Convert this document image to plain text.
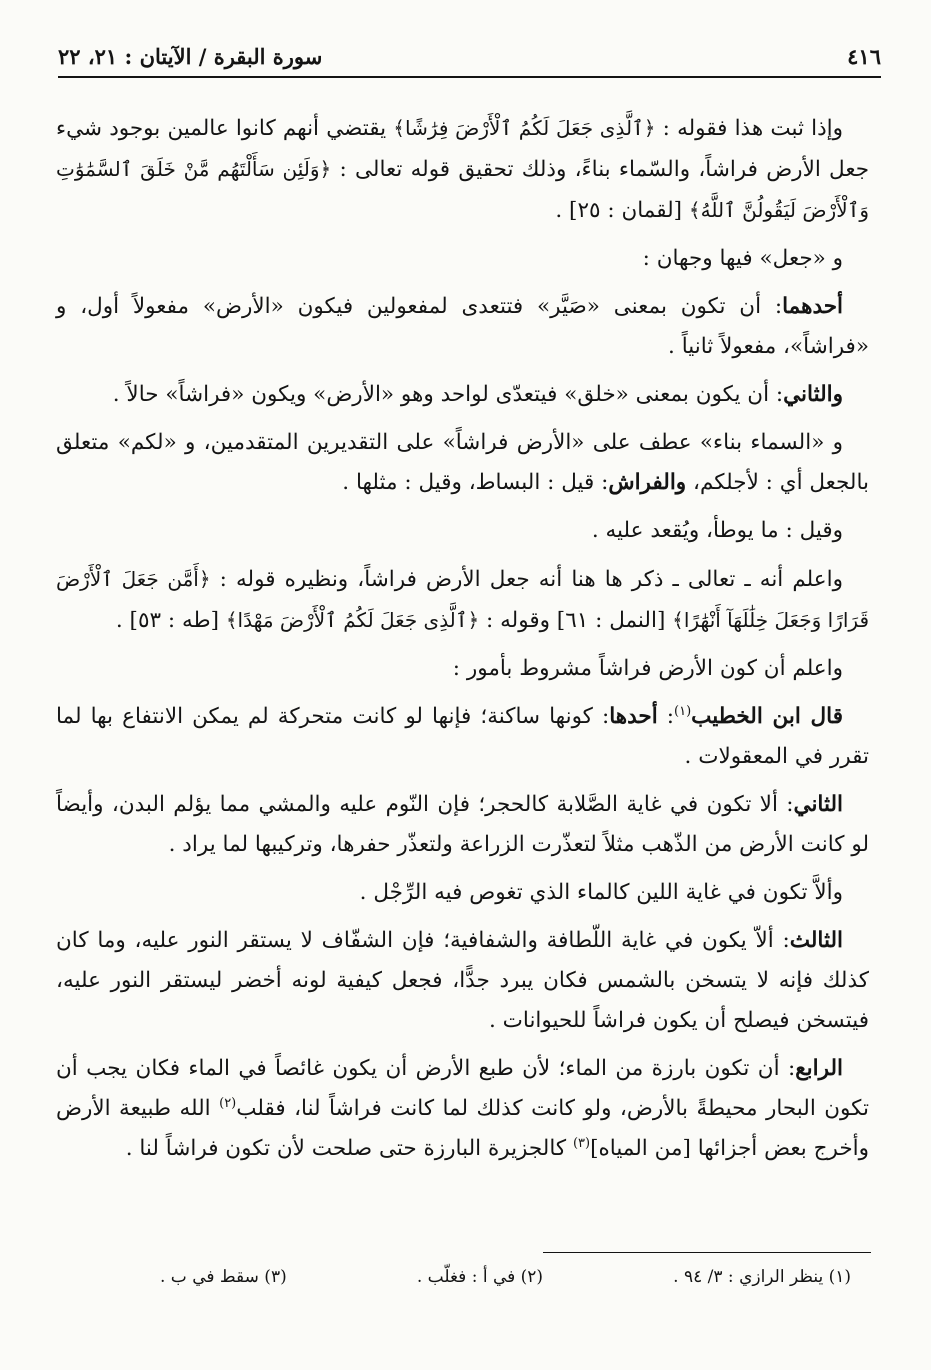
٤١٦
سورة البقرة / الآيتان : ٢١، ٢٢

وإذا ثبت هذا فقوله : ﴿ٱلَّذِى جَعَلَ لَكُمُ ٱلْأَرْضَ فِرَٰشًا﴾ يقتضي أنهم كانوا عالمين بوجود شيء جعل الأرض فراشاً، والسّماء بناءً، وذلك تحقيق قوله تعالى : ﴿وَلَئِن سَأَلْتَهُم مَّنْ خَلَقَ ٱلسَّمَٰوَٰتِ وَٱلْأَرْضَ لَيَقُولُنَّ ٱللَّهُ﴾ [لقمان : ٢٥] .

و «جعل» فيها وجهان :

أحدهما: أن تكون بمعنى «صَيَّر» فتتعدى لمفعولين فيكون «الأرض» مفعولاً أول، و «فراشاً»، مفعولاً ثانياً .

والثاني: أن يكون بمعنى «خلق» فيتعدّى لواحد وهو «الأرض» ويكون «فراشاً» حالاً .

و «السماء بناء» عطف على «الأرض فراشاً» على التقديرين المتقدمين، و «لكم» متعلق بالجعل أي : لأجلكم، والفراش: قيل : البساط، وقيل : مثلها .

وقيل : ما يوطأ، ويُقعد عليه .

واعلم أنه ـ تعالى ـ ذكر ها هنا أنه جعل الأرض فراشاً، ونظيره قوله : ﴿أَمَّن جَعَلَ ٱلْأَرْضَ قَرَارًا وَجَعَلَ خِلَٰلَهَآ أَنْهَٰرًا﴾ [النمل : ٦١] وقوله : ﴿ٱلَّذِى جَعَلَ لَكُمُ ٱلْأَرْضَ مَهْدًا﴾ [طه : ٥٣] .

واعلم أن كون الأرض فراشاً مشروط بأمور :

قال ابن الخطيب$^{(١)}$: أحدها: كونها ساكنة؛ فإنها لو كانت متحركة لم يمكن الانتفاع بها لما تقرر في المعقولات .

الثاني: ألا تكون في غاية الصَّلابة كالحجر؛ فإن النّوم عليه والمشي مما يؤلم البدن، وأيضاً لو كانت الأرض من الذّهب مثلاً لتعذّرت الزراعة ولتعذّر حفرها، وتركيبها لما يراد .

وألاَّ تكون في غاية اللين كالماء الذي تغوص فيه الرِّجْل .

الثالث: ألاّ يكون في غاية اللّطافة والشفافية؛ فإن الشفّاف لا يستقر النور عليه، وما كان كذلك فإنه لا يتسخن بالشمس فكان يبرد جدًّا، فجعل كيفية لونه أخضر ليستقر النور عليه، فيتسخن فيصلح أن يكون فراشاً للحيوانات .

الرابع: أن تكون بارزة من الماء؛ لأن طبع الأرض أن يكون غائصاً في الماء فكان يجب أن تكون البحار محيطةً بالأرض، ولو كانت كذلك لما كانت فراشاً لنا، فقلب$^{(٢)}$ الله طبيعة الأرض وأخرج بعض أجزائها [من المياه]$^{(٣)}$ كالجزيرة البارزة حتى صلحت لأن تكون فراشاً لنا .

(١) ينظر الرازي : ٣/ ٩٤ .
(٢) في أ : فغلّب .
(٣) سقط في ب .
